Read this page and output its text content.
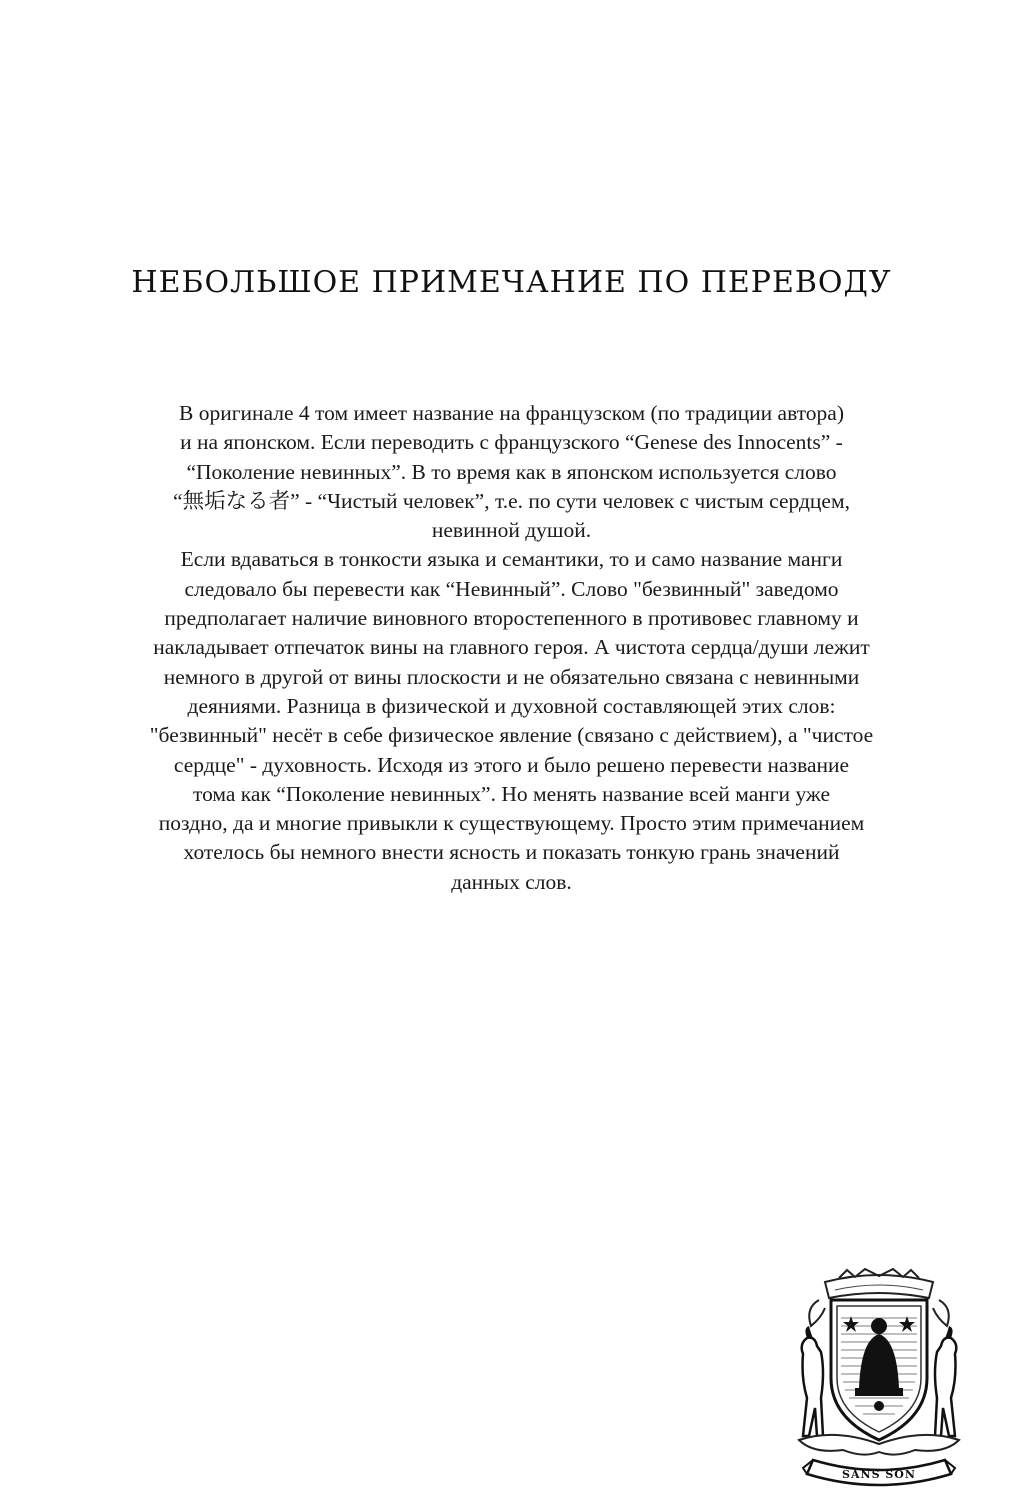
НЕБОЛЬШОЕ ПРИМЕЧАНИЕ ПО ПЕРЕВОДУ
В оригинале 4 том имеет название на французском (по традиции автора)
и на японском. Если переводить с французского “Genese des Innocents” -
“Поколение невинных”. В то время как в японском используется слово
“無垢なる者” - “Чистый человек”, т.е. по сути человек с чистым сердцем,
невинной душой.
Если вдаваться в тонкости языка и семантики, то и само название манги
следовало бы перевести как “Невинный”. Слово "безвинный" заведомо
предполагает наличие виновного второстепенного в противовес главному и
накладывает отпечаток вины на главного героя. А чистота сердца/души лежит
немного в другой от вины плоскости и не обязательно связана с невинными
деяниями. Разница в физической и духовной составляющей этих слов:
"безвинный" несёт в себе физическое явление (связано с действием), а "чистое
сердце" - духовность. Исходя из этого и было решено перевести название
тома как “Поколение невинных”. Но менять название всей манги уже
поздно, да и многие привыкли к существующему. Просто этим примечанием
хотелось бы немного внести ясность и показать тонкую грань значений
данных слов.
SANS SON
